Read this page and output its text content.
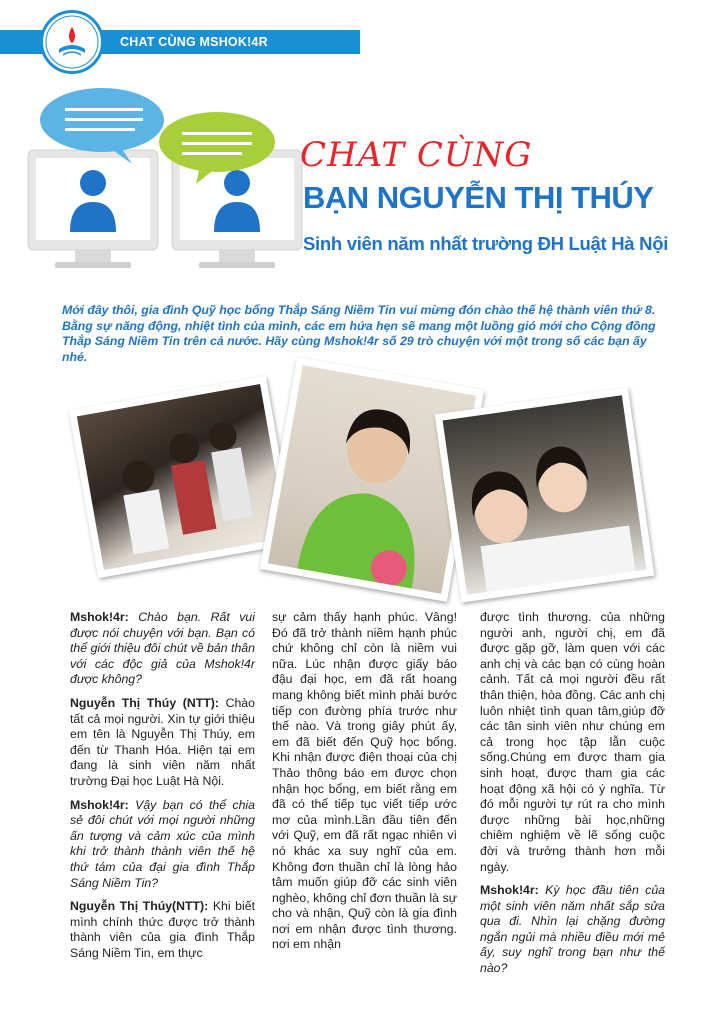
CHAT CÙNG MSHOK!4R
CHAT CÙNG
BẠN NGUYỄN THỊ THÚY
Sinh viên năm nhất trường ĐH Luật Hà Nội

Mới đây thôi, gia đình Quỹ học bổng Thắp Sáng Niềm Tin vui mừng đón chào thế hệ thành viên thứ 8. Bằng sự năng động, nhiệt tình của mình, các em hứa hẹn sẽ mang một luồng gió mới cho Cộng đồng Thắp Sáng Niềm Tin trên cả nước. Hãy cùng Mshok!4r số 29 trò chuyện với một trong số các bạn ấy nhé.

Mshok!4r: Chào bạn. Rất vui được nói chuyện với bạn. Bạn có thể giới thiệu đôi chút về bản thân với các độc giả của Mshok!4r được không?

Nguyễn Thị Thúy (NTT): Chào tất cả mọi người. Xin tự giới thiệu em tên là Nguyễn Thị Thúy, em đến từ Thanh Hóa. Hiện tại em đang là sinh viên năm nhất trường Đại học Luật Hà Nội.

Mshok!4r: Vậy bạn có thể chia sẻ đôi chút với mọi người những ấn tượng và cảm xúc của mình khi trở thành thành viên thế hệ thứ tám của đại gia đình Thắp Sáng Niềm Tin?

Nguyễn Thị Thúy(NTT): Khi biết mình chính thức được trở thành thành viên của gia đình Thắp Sáng Niềm Tin, em thực

sự cảm thấy hạnh phúc. Vâng! Đó đã trở thành niềm hạnh phúc chứ không chỉ còn là niềm vui nữa. Lúc nhận được giấy báo đậu đại học, em đã rất hoang mang không biết mình phải bước tiếp con đường phía trước như thế nào. Và trong giây phút ấy, em đã biết đến Quỹ học bổng. Khi nhận được điện thoại của chị Thảo thông báo em được chọn nhận học bổng, em biết rằng em đã có thể tiếp tục viết tiếp ước mơ của mình.Lần đầu tiên đến với Quỹ, em đã rất ngạc nhiên vì nó khác xa suy nghĩ của em. Không đơn thuần chỉ là lòng hảo tâm muốn giúp đỡ các sinh viên nghèo, không chỉ đơn thuần là sự cho và nhận, Quỹ còn là gia đình nơi em nhận được tình thương. nơi em nhận

được tình thương. của những người anh, người chị, em đã được gặp gỡ, làm quen với các anh chị và các bạn có cùng hoàn cảnh. Tất cả mọi người đều rất thân thiện, hòa đồng. Các anh chị luôn nhiệt tình quan tâm,giúp đỡ các tân sinh viên như chúng em cả trong học tập lẫn cuộc sống.Chúng em được tham gia sinh hoạt, được tham gia các hoạt động xã hội có ý nghĩa. Từ đó mỗi người tự rút ra cho mình được những bài học,những chiêm nghiệm về lẽ sống cuộc đời và trưởng thành hơn mỗi ngày.

Mshok!4r: Kỳ học đầu tiên của một sinh viên năm nhất sắp sửa qua đi. Nhìn lại chặng đường ngắn ngủi mà nhiều điều mới mẻ ấy, suy nghĩ trong bạn như thế nào?
